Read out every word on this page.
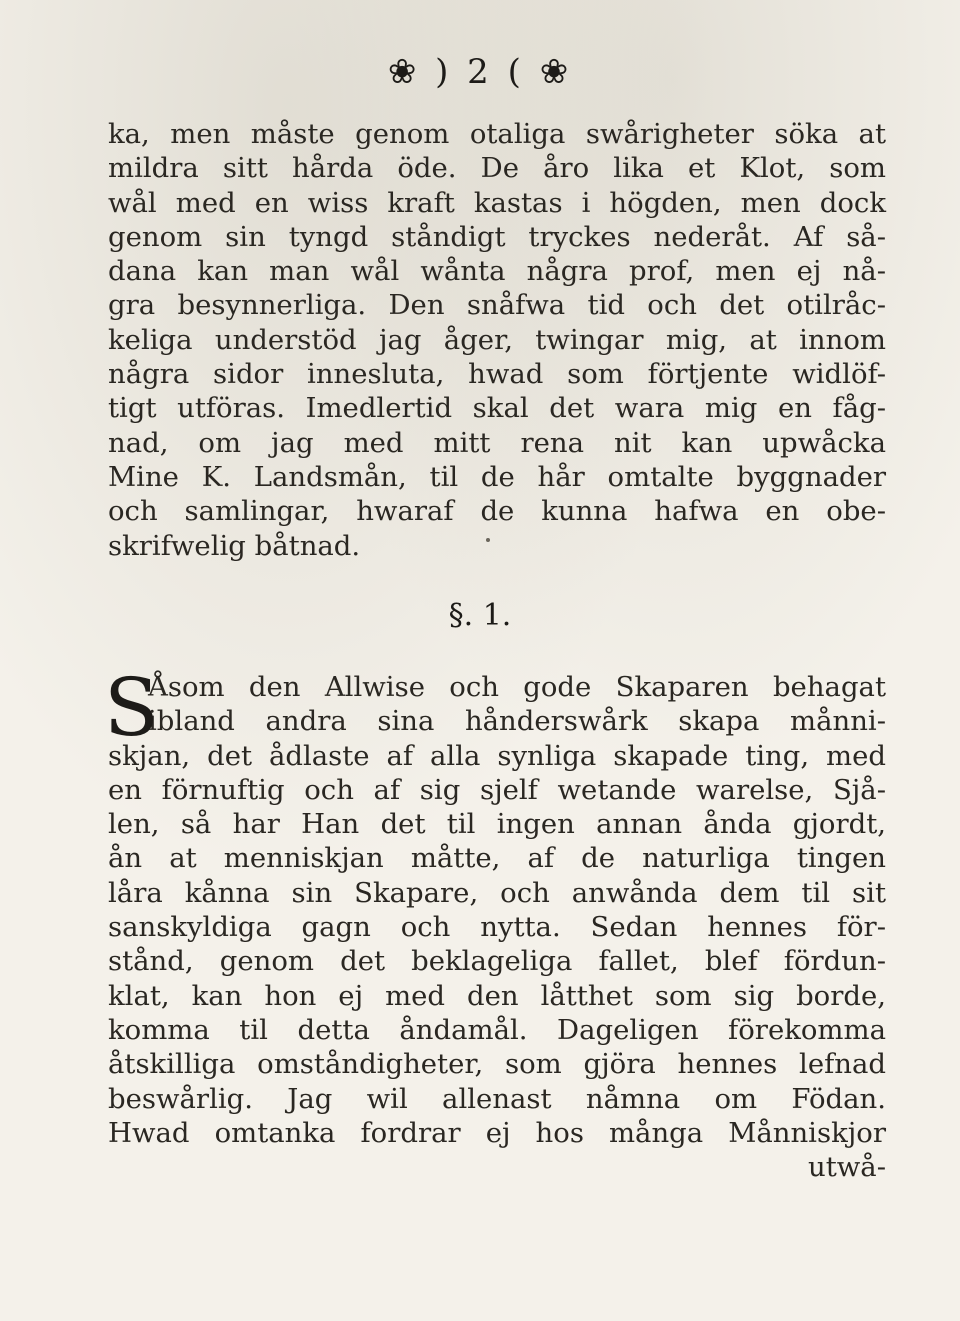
❀ ) 2 ( ❀
ka, men måste genom otaliga swårigheter söka at
mildra sitt hårda öde. De åro lika et Klot, som
wål med en wiss kraft kastas i högden, men dock
genom sin tyngd ståndigt tryckes nederåt. Af så-
dana kan man wål wånta några prof, men ej nå-
gra besynnerliga. Den snåfwa tid och det otilråc-
keliga understöd jag åger, twingar mig, at innom
några sidor innesluta, hwad som förtjente widlöf-
tigt utföras. Imedlertid skal det wara mig en fåg-
nad, om jag med mitt rena nit kan upwåcka
Mine K. Landsmån, til de hår omtalte byggnader
och samlingar, hwaraf de kunna hafwa en obe-
skrifwelig båtnad.
§. 1.
S
Åsom den Allwise och gode Skaparen behagat
ibland andra sina hånderswårk skapa månni-
skjan, det ådlaste af alla synliga skapade ting, med
en förnuftig och af sig sjelf wetande warelse, Sjå-
len, så har Han det til ingen annan ånda gjordt,
ån at menniskjan måtte, af de naturliga tingen
låra kånna sin Skapare, och anwånda dem til sit
sanskyldiga gagn och nytta. Sedan hennes för-
stånd, genom det beklageliga fallet, blef fördun-
klat, kan hon ej med den låtthet som sig borde,
komma til detta åndamål. Dageligen förekomma
åtskilliga omståndigheter, som gjöra hennes lefnad
beswårlig. Jag wil allenast nåmna om Födan.
Hwad omtanka fordrar ej hos många Månniskjor
utwå-
